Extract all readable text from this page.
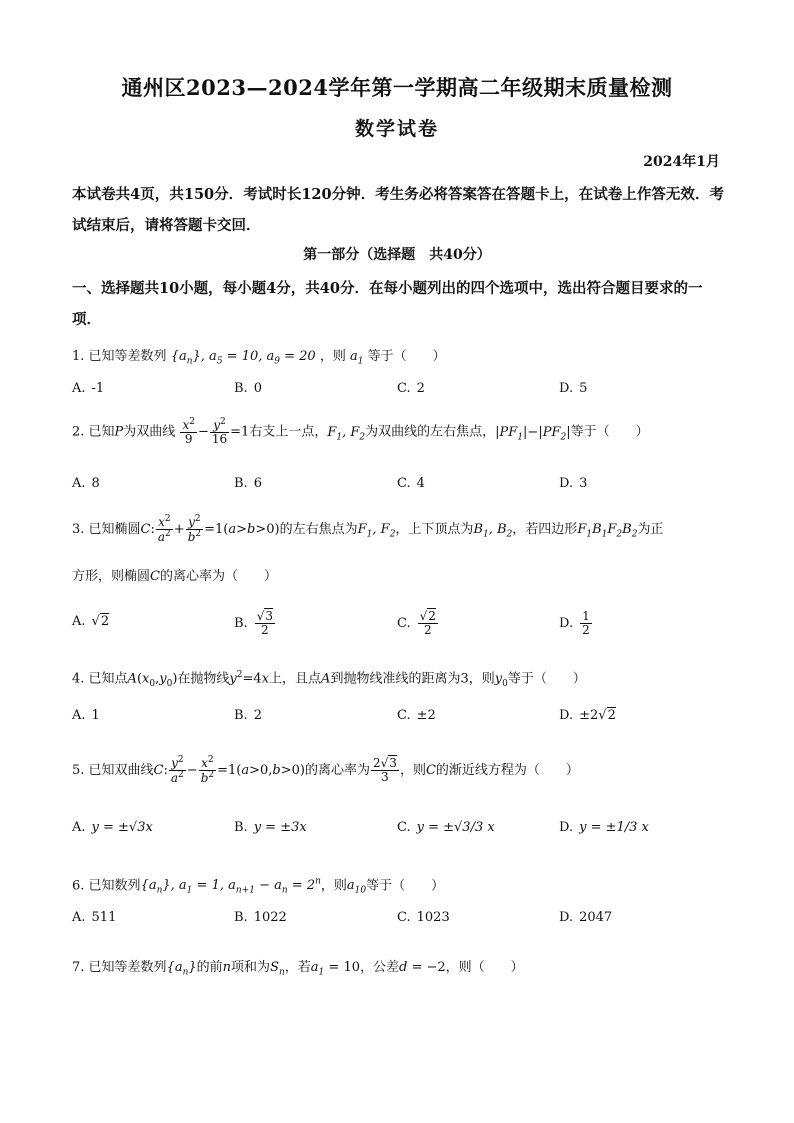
通州区2023—2024学年第一学期高二年级期末质量检测
数学试卷
2024年1月
本试卷共4页，共150分．考试时长120分钟．考生务必将答案答在答题卡上，在试卷上作答无效．考试结束后，请将答题卡交回．
第一部分（选择题　共40分）
一、选择题共10小题，每小题4分，共40分．在每小题列出的四个选项中，选出符合题目要求的一项．
1. 已知等差数列 $\{a_n\}$, $a_5 = 10$, $a_9 = 20$ ，则 $a_1$ 等于（　　）
A. -1	B. 0	C. 2	D. 5
2. 已知P为双曲线 $\frac{x^2}{9} - \frac{y^2}{16} =1$右支上一点，$F_1$, $F_2$为双曲线的左右焦点，$|PF_1|-|PF_2|$等于（　　）
A. 8	B. 6	C. 4	D. 3
3. 已知椭圆C: $\frac{x^2}{a^2} + \frac{y^2}{b^2} =1(a>b>0)$的左右焦点为$F_1$, $F_2$，上下顶点为$B_1$, $B_2$，若四边形$F_1B_1F_2B_2$为正
方形，则椭圆C的离心率为（　　）
A. √2	B. $\frac{√3}{2}$	C. $\frac{√2}{2}$	D. $\frac{1}{2}$
4. 已知点$A(x_0,y_0)$在抛物线$y^2=4x$上，且点A到抛物线准线的距离为3，则$y_0$等于（　　）
A. 1	B. 2	C. ±2	D. ±2√2
5. 已知双曲线C: $\frac{y^2}{a^2} - \frac{x^2}{b^2} =1(a>0,b>0)$的离心率为 $\frac{2√3}{3}$ ，则C的渐近线方程为（　　）
A. y = ±√3x	B. y = ±3x	C. y = ±√3/3 x	D. y = ±1/3 x
6. 已知数列$\{a_n\}$, $a_1 = 1$, $a_{n+1} - a_n = 2^n$，则$a_{10}$等于（　　）
A. 511	B. 1022	C. 1023	D. 2047
7. 已知等差数列$\{a_n\}$的前n项和为$S_n$，若$a_1 = 10$，公差d = −2，则（　　）
